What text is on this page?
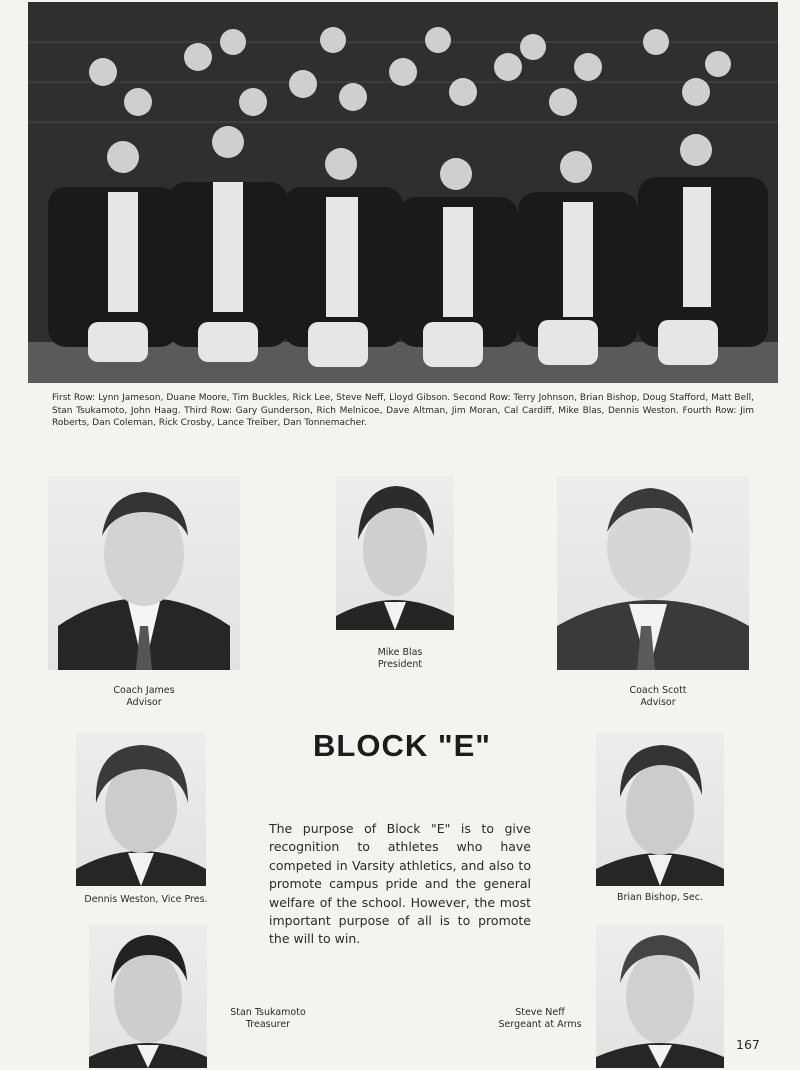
First Row: Lynn Jameson, Duane Moore, Tim Buckles, Rick Lee, Steve Neff, Lloyd Gibson. Second Row: Terry Johnson, Brian Bishop, Doug Stafford, Matt Bell, Stan Tsukamoto, John Haag. Third Row: Gary Gunderson, Rich Melnicoe, Dave Altman, Jim Moran, Cal Cardiff, Mike Blas, Dennis Weston. Fourth Row: Jim Roberts, Dan Coleman, Rick Crosby, Lance Treiber, Dan Tonnemacher.
Coach James
Advisor
Mike Blas
President
Coach Scott
Advisor
BLOCK "E"
Dennis Weston, Vice Pres.	Brian Bishop, Sec.
The purpose of Block "E" is to give recognition to athletes who have competed in Varsity athletics, and also to promote campus pride and the general welfare of the school. However, the most important purpose of all is to promote the will to win.
Stan Tsukamoto
Treasurer
Steve Neff
Sergeant at Arms
167
